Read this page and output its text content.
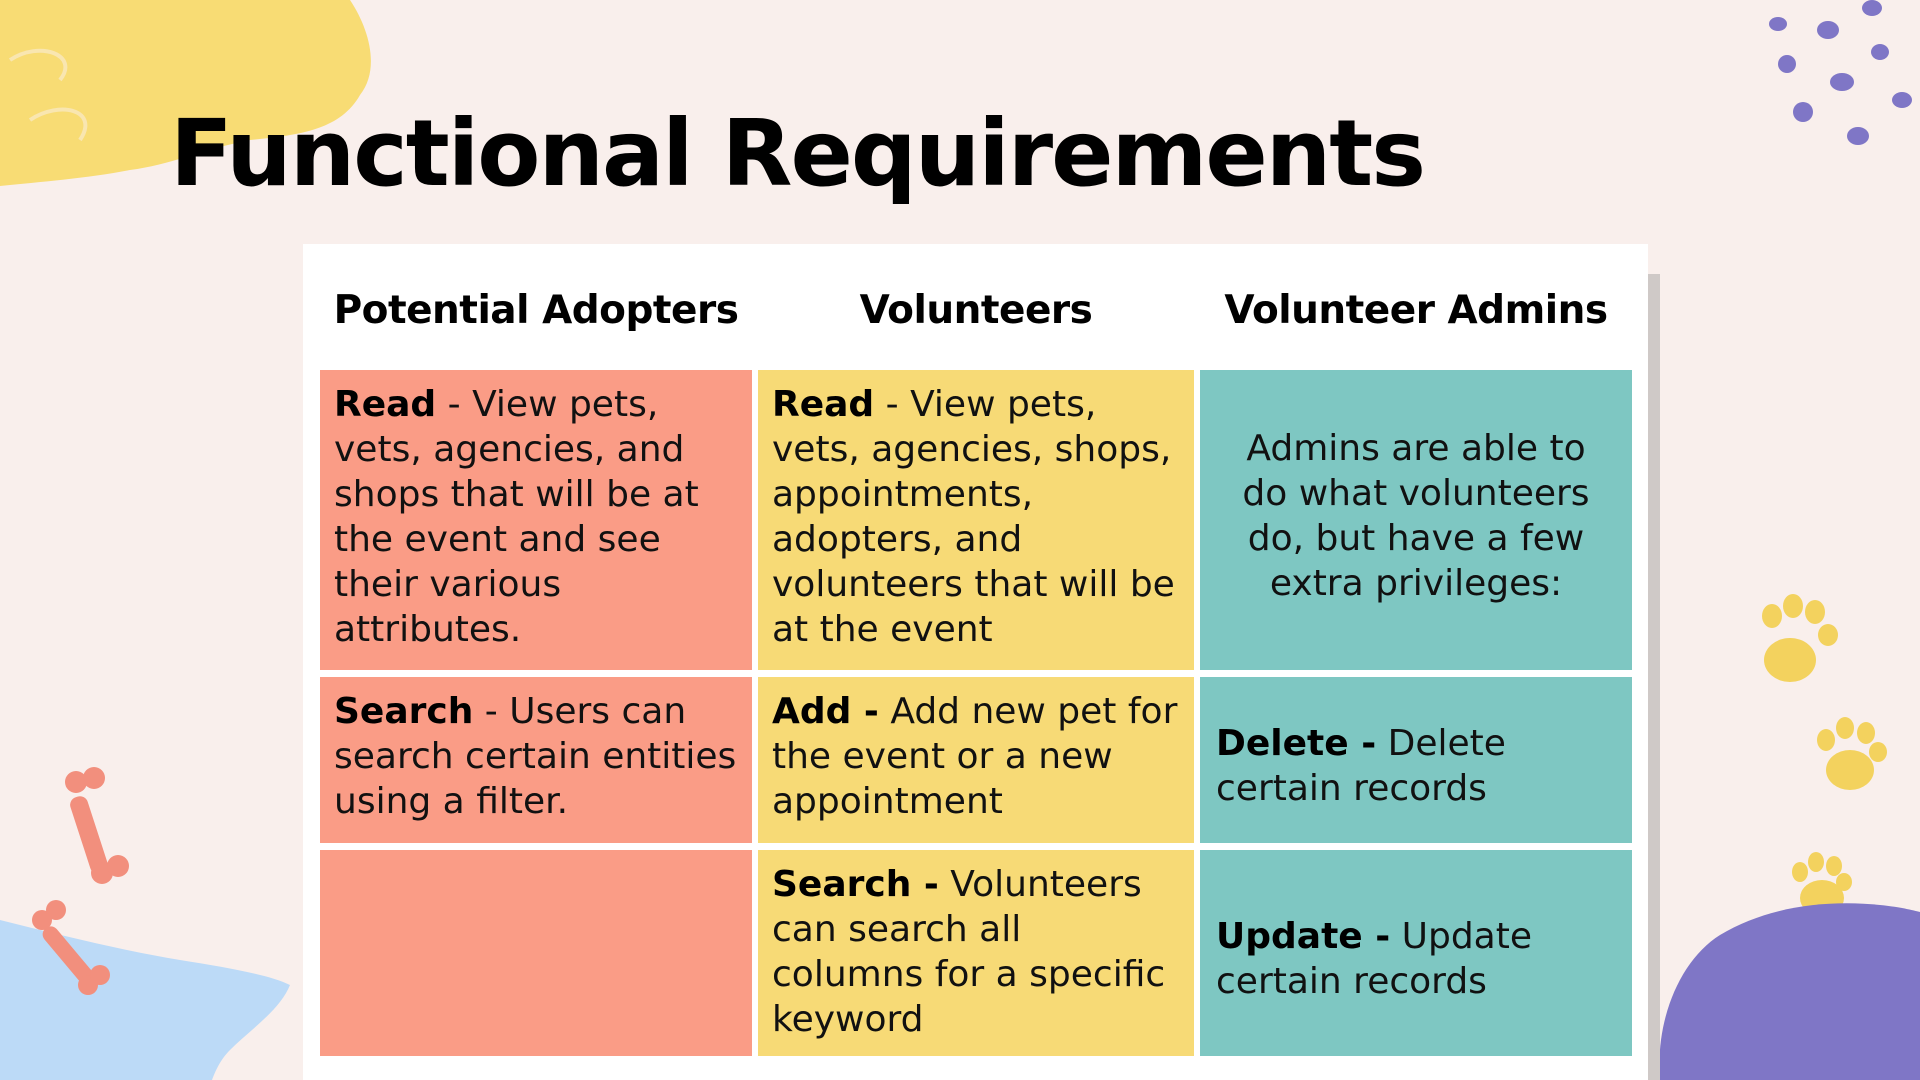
Functional Requirements
Potential Adopters	Volunteers	Volunteer Admins
Read - View pets, vets, agencies, and shops that will be at the event and see their various attributes.
Read - View pets, vets, agencies, shops, appointments, adopters, and volunteers that will be at the event
Admins are able to do what volunteers do, but have a few extra privileges:
Search - Users can search certain entities using a filter.
Add - Add new pet for the event or a new appointment
Delete - Delete certain records
Search - Volunteers can search all columns for a specific keyword
Update - Update certain records
